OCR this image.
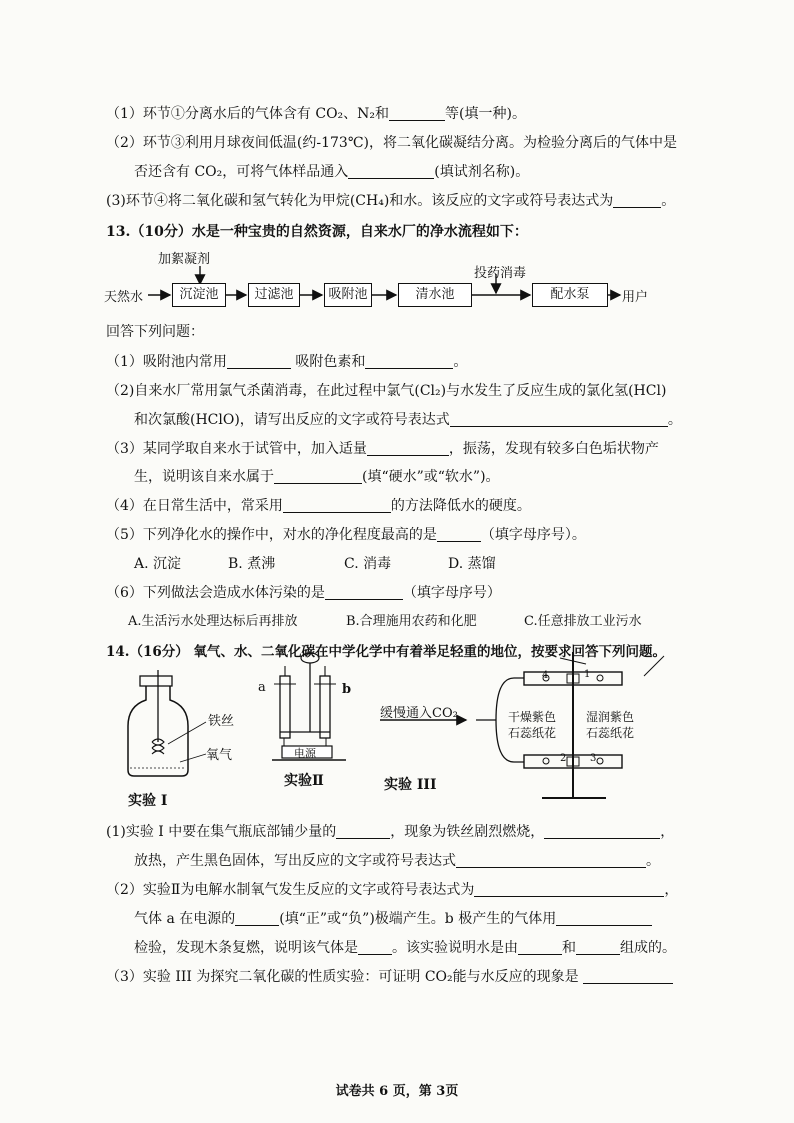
（1）环节①分离水后的气体含有 CO₂、N₂和	等(填一种)。
（2）环节③利用月球夜间低温(约-173℃)，将二氧化碳凝结分离。为检验分离后的气体中是
否还含有 CO₂，可将气体样品通入	(填试剂名称)。
(3)环节④将二氧化碳和氢气转化为甲烷(CH₄)和水。该反应的文字或符号表达式为	。
13.（10分）水是一种宝贵的自然资源，自来水厂的净水流程如下：
加絮凝剂
投药消毒
天然水	沉淀池	过滤池	吸附池	清水池	配水泵	用户
回答下列问题：
（1）吸附池内常用	吸附色素和	。
（2)自来水厂常用氯气杀菌消毒，在此过程中氯气(Cl₂)与水发生了反应生成的氯化氢(HCl)
和次氯酸(HClO)，请写出反应的文字或符号表达式	。
（3）某同学取自来水于试管中，加入适量	，振荡，发现有较多白色垢状物产
生，说明该自来水属于	(填“硬水”或“软水”)。
（4）在日常生活中，常采用	的方法降低水的硬度。
（5）下列净化水的操作中，对水的净化程度最高的是	（填字母序号）。
A. 沉淀	B. 煮沸	C. 消毒	D. 蒸馏
（6）下列做法会造成水体污染的是	（填字母序号）
A.生活污水处理达标后再排放	B.合理施用农药和化肥	C.任意排放工业污水
14.（16分） 氧气、水、二氧化碳在中学化学中有着举足轻重的地位，按要求回答下列问题。
铁丝
氧气
实验 I
a	b
电源
实验Ⅱ
缓慢通入CO₂
1
4
2 3
干燥紫色
石蕊纸花
湿润紫色
石蕊纸花
实验 III
(1)实验 I 中要在集气瓶底部铺少量的	，现象为铁丝剧烈燃烧，	，
放热，产生黑色固体，写出反应的文字或符号表达式	。
（2）实验Ⅱ为电解水制氧气发生反应的文字或符号表达式为	，
气体 a 在电源的	(填“正”或“负”)极端产生。b 极产生的气体用
检验，发现木条复燃，说明该气体是 。该实验说明水是由	和	组成的。
（3）实验 III 为探究二氧化碳的性质实验：可证明 CO₂能与水反应的现象是
试卷共 6 页，第 3页
